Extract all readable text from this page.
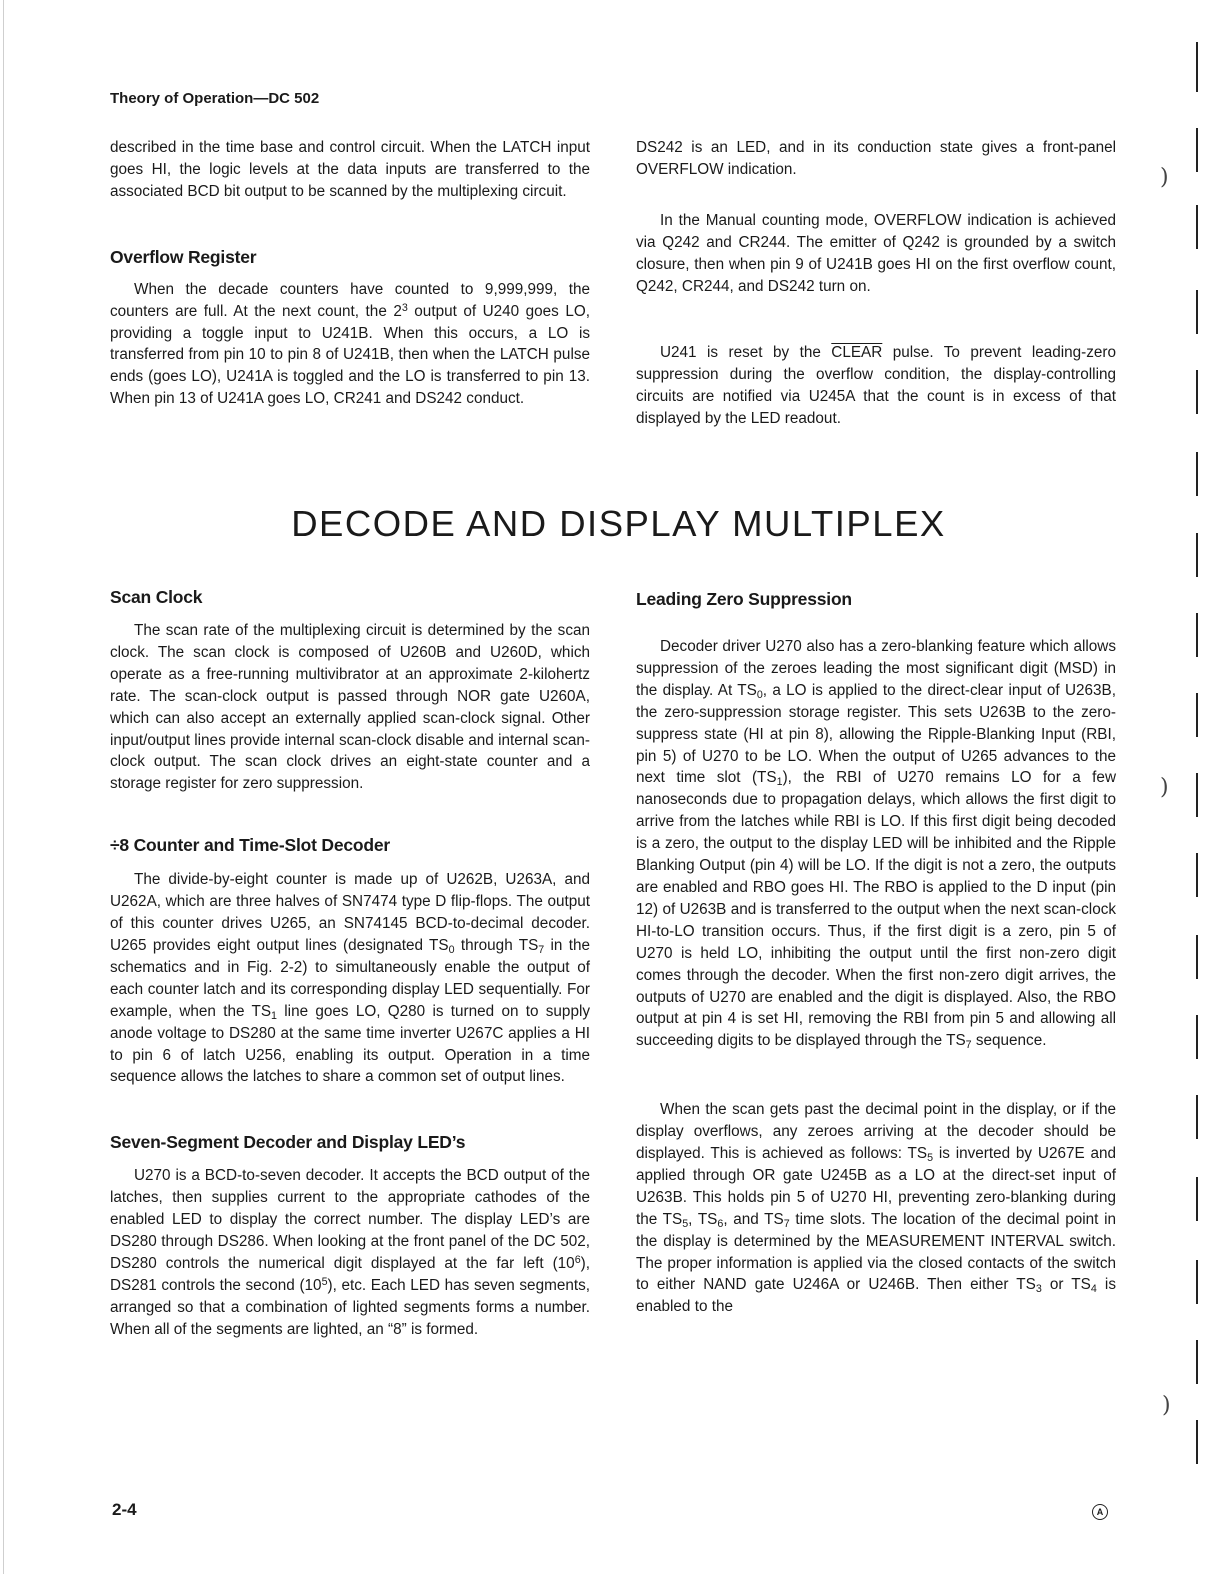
Theory of Operation—DC 502

described in the time base and control circuit. When the LATCH input goes HI, the logic levels at the data inputs are transferred to the associated BCD bit output to be scanned by the multiplexing circuit.

Overflow Register

When the decade counters have counted to 9,999,999, the counters are full. At the next count, the $2^3$ output of U240 goes LO, providing a toggle input to U241B. When this occurs, a LO is transferred from pin 10 to pin 8 of U241B, then when the LATCH pulse ends (goes LO), U241A is toggled and the LO is transferred to pin 13. When pin 13 of U241A goes LO, CR241 and DS242 conduct.

DS242 is an LED, and in its conduction state gives a front-panel OVERFLOW indication.

In the Manual counting mode, OVERFLOW indication is achieved via Q242 and CR244. The emitter of Q242 is grounded by a switch closure, then when pin 9 of U241B goes HI on the first overflow count, Q242, CR244, and DS242 turn on.

U241 is reset by the CLEAR pulse. To prevent leading-zero suppression during the overflow condition, the display-controlling circuits are notified via U245A that the count is in excess of that displayed by the LED readout.

DECODE AND DISPLAY MULTIPLEX
Scan Clock

The scan rate of the multiplexing circuit is determined by the scan clock. The scan clock is composed of U260B and U260D, which operate as a free-running multivibrator at an approximate 2-kilohertz rate. The scan-clock output is passed through NOR gate U260A, which can also accept an externally applied scan-clock signal. Other input/output lines provide internal scan-clock disable and internal scan-clock output. The scan clock drives an eight-state counter and a storage register for zero suppression.

÷8 Counter and Time-Slot Decoder

The divide-by-eight counter is made up of U262B, U263A, and U262A, which are three halves of SN7474 type D flip-flops. The output of this counter drives U265, an SN74145 BCD-to-decimal decoder. U265 provides eight output lines (designated $TS_0$ through $TS_7$ in the schematics and in Fig. 2-2) to simultaneously enable the output of each counter latch and its corresponding display LED sequentially. For example, when the $TS_1$ line goes LO, Q280 is turned on to supply anode voltage to DS280 at the same time inverter U267C applies a HI to pin 6 of latch U256, enabling its output. Operation in a time sequence allows the latches to share a common set of output lines.

Seven-Segment Decoder and Display LED’s

U270 is a BCD-to-seven decoder. It accepts the BCD output of the latches, then supplies current to the appropriate cathodes of the enabled LED to display the correct number. The display LED’s are DS280 through DS286. When looking at the front panel of the DC 502, DS280 controls the numerical digit displayed at the far left $(10^6)$, DS281 controls the second $(10^5)$, etc. Each LED has seven segments, arranged so that a combination of lighted segments forms a number. When all of the segments are lighted, an “8” is formed.

Leading Zero Suppression

Decoder driver U270 also has a zero-blanking feature which allows suppression of the zeroes leading the most significant digit (MSD) in the display. At $TS_0$, a LO is applied to the direct-clear input of U263B, the zero-suppression storage register. This sets U263B to the zero-suppress state (HI at pin 8), allowing the Ripple-Blanking Input (RBI, pin 5) of U270 to be LO. When the output of U265 advances to the next time slot $(TS_1)$, the RBI of U270 remains LO for a few nanoseconds due to propagation delays, which allows the first digit to arrive from the latches while RBI is LO. If this first digit being decoded is a zero, the output to the display LED will be inhibited and the Ripple Blanking Output (pin 4) will be LO. If the digit is not a zero, the outputs are enabled and RBO goes HI. The RBO is applied to the D input (pin 12) of U263B and is transferred to the output when the next scan-clock HI-to-LO transition occurs. Thus, if the first digit is a zero, pin 5 of U270 is held LO, inhibiting the output until the first non-zero digit comes through the decoder. When the first non-zero digit arrives, the outputs of U270 are enabled and the digit is displayed. Also, the RBO output at pin 4 is set HI, removing the RBI from pin 5 and allowing all succeeding digits to be displayed through the $TS_7$ sequence.

When the scan gets past the decimal point in the display, or if the display overflows, any zeroes arriving at the decoder should be displayed. This is achieved as follows: $TS_5$ is inverted by U267E and applied through OR gate U245B as a LO at the direct-set input of U263B. This holds pin 5 of U270 HI, preventing zero-blanking during the $TS_5$, $TS_6$, and $TS_7$ time slots. The location of the decimal point in the display is determined by the MEASUREMENT INTERVAL switch. The proper information is applied via the closed contacts of the switch to either NAND gate U246A or U246B. Then either $TS_3$ or $TS_4$ is enabled to the

)
)
)
2-4	A
